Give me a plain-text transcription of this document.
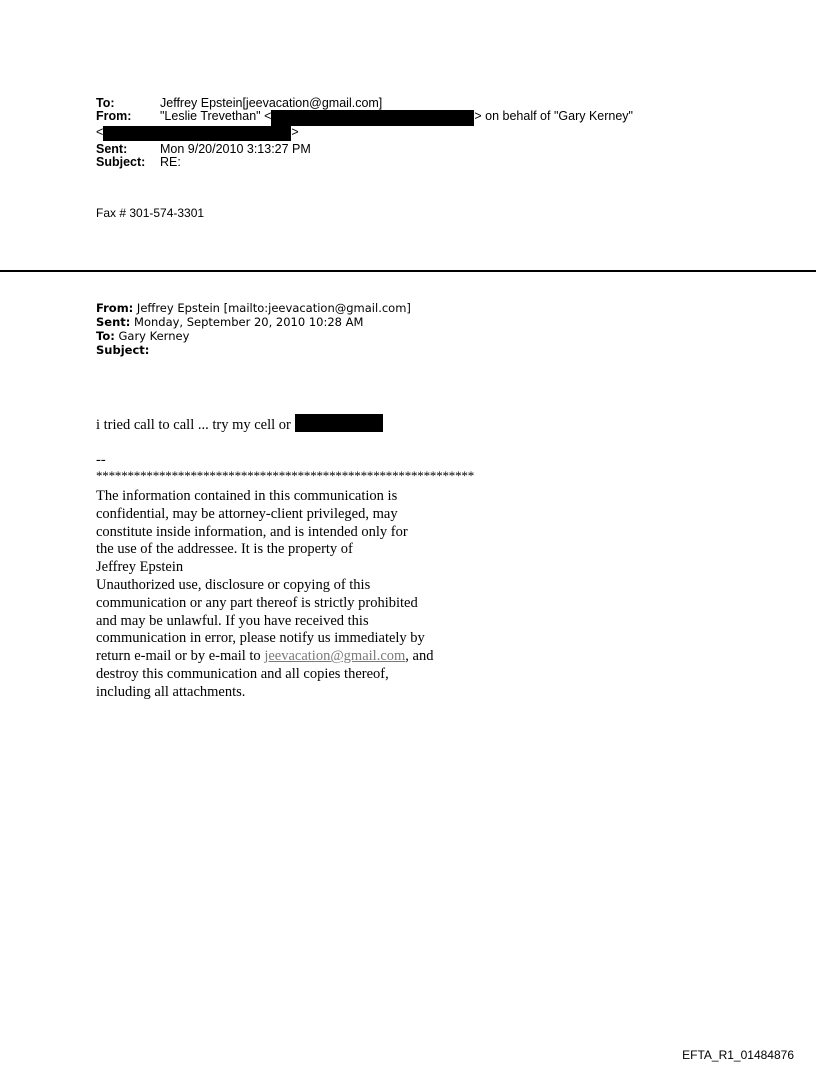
To:	Jeffrey Epstein[jeevacation@gmail.com]
From: "Leslie Trevethan" <	> on behalf of "Gary Kerney"
<	>
Sent:	Mon 9/20/2010 3:13:27 PM
Subject: RE:
Fax # 301-574-3301
From: Jeffrey Epstein [mailto:jeevacation@gmail.com]
Sent: Monday, September 20, 2010 10:28 AM
To: Gary Kerney
Subject:
i tried call to call ... try my cell or
--
************************************************************
The information contained in this communication is
confidential, may be attorney-client privileged, may
constitute inside information, and is intended only for
the use of the addressee. It is the property of
Jeffrey Epstein
Unauthorized use, disclosure or copying of this
communication or any part thereof is strictly prohibited
and may be unlawful. If you have received this
communication in error, please notify us immediately by
return e-mail or by e-mail to jeevacation@gmail.com, and
destroy this communication and all copies thereof,
including all attachments.
EFTA_R1_01484876
